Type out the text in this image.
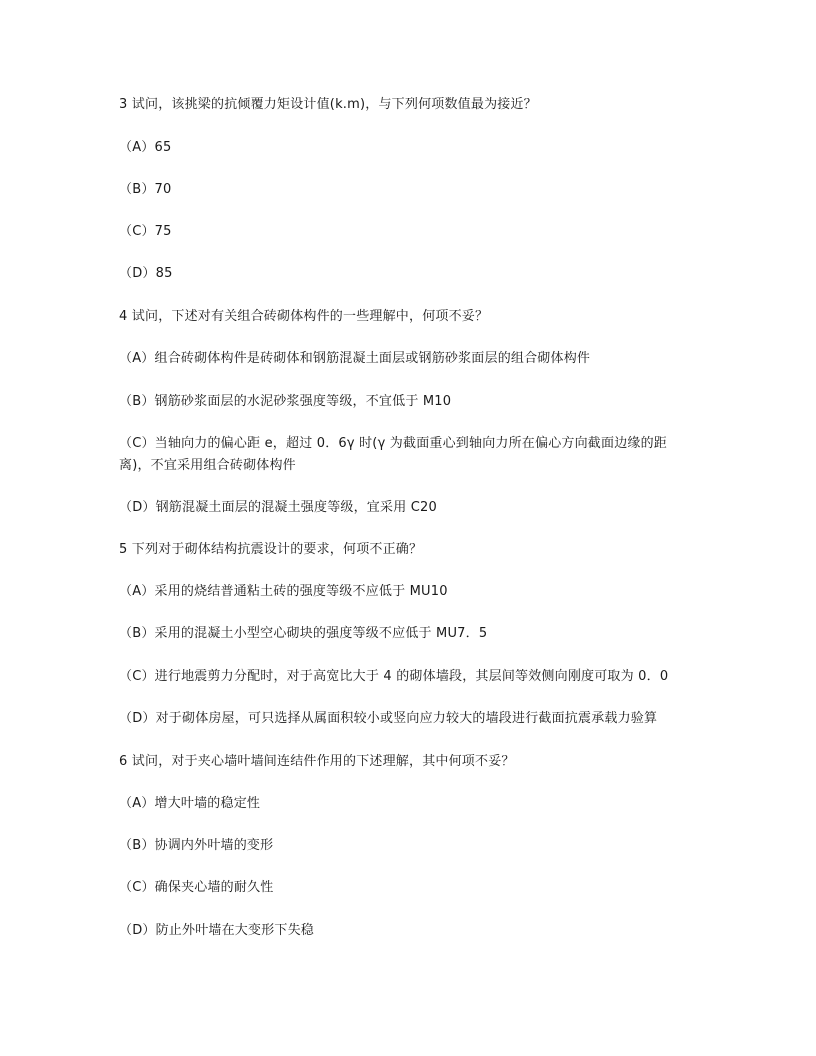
3 试问，该挑梁的抗倾覆力矩设计值(k.m)，与下列何项数值最为接近？
（A）65
（B）70
（C）75
（D）85
4 试问，下述对有关组合砖砌体构件的一些理解中，何项不妥？
（A）组合砖砌体构件是砖砌体和钢筋混凝土面层或钢筋砂浆面层的组合砌体构件
（B）钢筋砂浆面层的水泥砂浆强度等级，不宜低于 M10
（C）当轴向力的偏心距 e，超过 0．6γ 时(γ 为截面重心到轴向力所在偏心方向截面边缘的距离)，不宜采用组合砖砌体构件
（D）钢筋混凝土面层的混凝土强度等级，宜采用 C20
5 下列对于砌体结构抗震设计的要求，何项不正确？
（A）采用的烧结普通粘土砖的强度等级不应低于 MU10
（B）采用的混凝土小型空心砌块的强度等级不应低于 MU7．5
（C）进行地震剪力分配时，对于高宽比大于 4 的砌体墙段，其层间等效侧向刚度可取为 0．0
（D）对于砌体房屋，可只选择从属面积较小或竖向应力较大的墙段进行截面抗震承载力验算
6 试问，对于夹心墙叶墙间连结件作用的下述理解，其中何项不妥？
（A）增大叶墙的稳定性
（B）协调内外叶墙的变形
（C）确保夹心墙的耐久性
（D）防止外叶墙在大变形下失稳
